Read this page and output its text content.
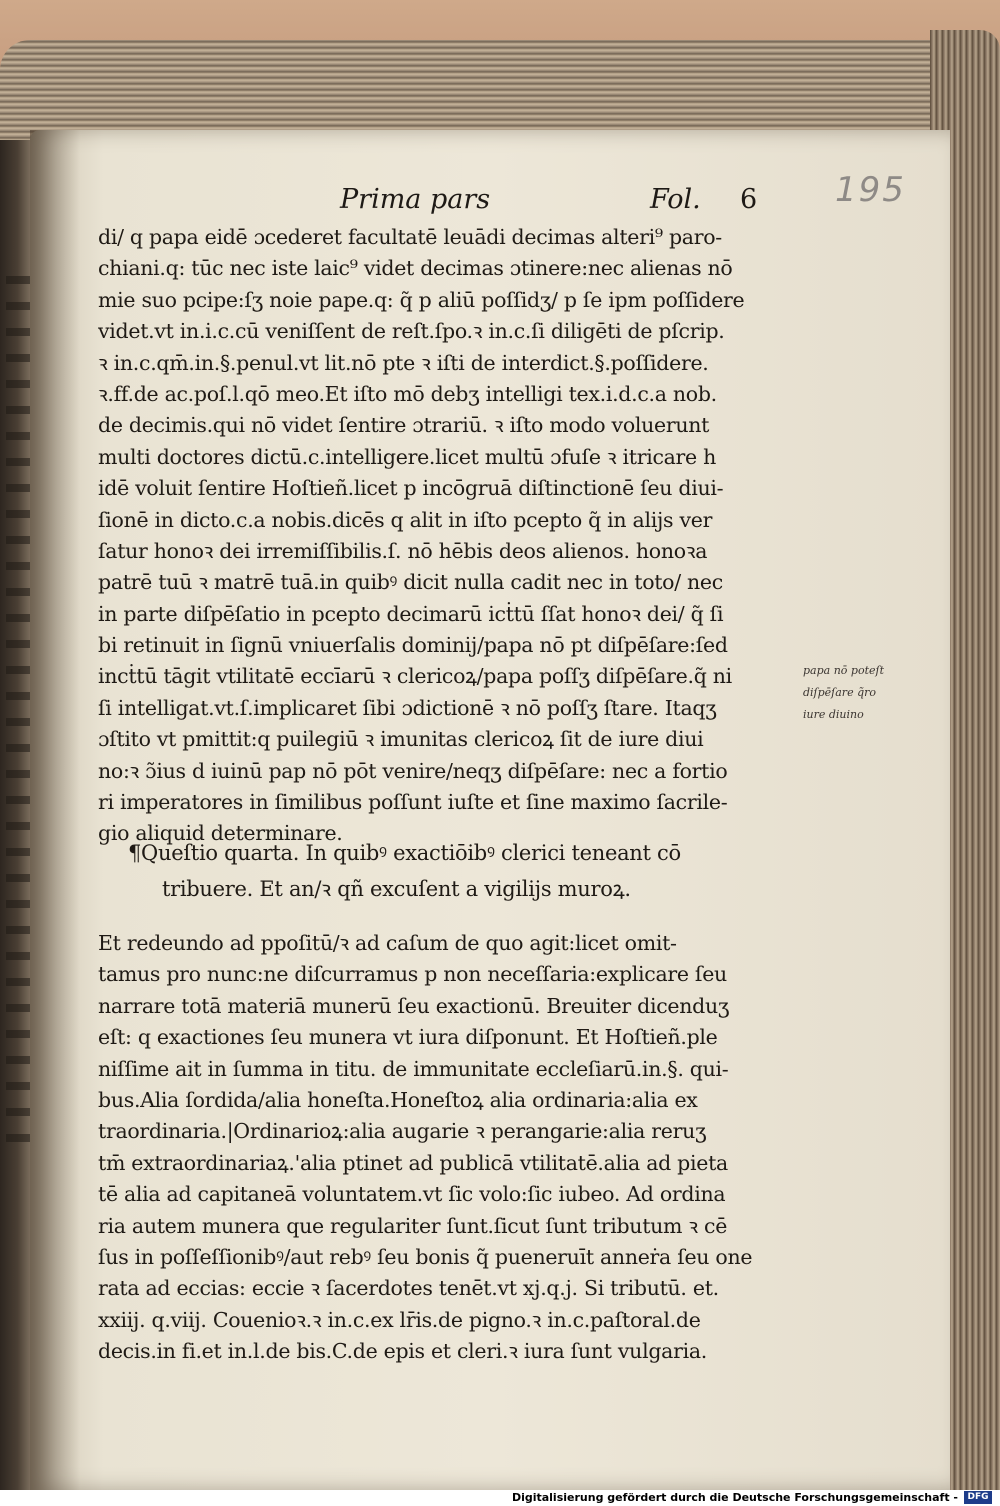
195
Prima pars	Fol. 6
di/ q papa eidē ɔcederet facultatē leuādi decimas alteri⁹ paro-
chiani.q: tūc nec iste laic⁹ videt decimas ɔtinere:nec alienas nō
mie suo pcipe:ſʒ noie pape.q: q̃ p aliū poſſidʒ/ p ſe ipm poſſidere
videt.vt in.i.c.cū veniſſent de reſt.ſpo.ꝛ in.c.ſi diligēti de pſcrip.
ꝛ in.c.qm̄.in.§.penul.vt lit.nō pte ꝛ iſti de interdict.§.poſſidere.
ꝛ.ff.de ac.poſ.l.qō meo.Et iſto mō debʒ intelligi tex.i.d.c.a nob.
de decimis.qui nō videt ſentire ɔtrariū. ꝛ iſto modo voluerunt
multi doctores dictū.c.intelligere.licet multū ɔfuſe ꝛ itricare h
idē voluit ſentire Hoſtieñ.licet p incōgruā diſtinctionē ſeu diui-
ſionē in dicto.c.a nobis.dicēs q alit in iſto pcepto q̃ in alijs ver
ſatur honoꝛ dei irremiſſibilis.ſ. nō hēbis deos alienos. honoꝛa
patrē tuū ꝛ matrē tuā.in quibꝰ dicit nulla cadit nec in toto/ nec
in parte diſpēſatio in pcepto decimarū icṫtū ſſat honoꝛ dei/ q̃ ſi
bi retinuit in ſignū vniuerſalis dominij/papa nō pt diſpēſare:ſed
incṫtū tāgit vtilitatē eccīarū ꝛ clericoꝝ/papa poſſʒ diſpēſare.q̃ ni
ſi intelligat.vt.ſ.implicaret ſibi ɔdictionē ꝛ nō poſſʒ ſtare. Itaqʒ
ɔſtito vt pmittit:q puilegiū ꝛ imunitas clericoꝝ ſit de iure diui
no:ꝛ ɔ̃ius d iuinū pap nō pōt venire/neqʒ diſpēſare: nec a fortio
ri imperatores in ſimilibus poſſunt iuſte et ſine maximo ſacrile-
gio aliquid determinare.
papa nō poteſt
diſpēſare q̃ro
iure diuino
¶Queſtio quarta. In quibꝰ exactiōibꝰ clerici teneant cō
tribuere. Et an/ꝛ qñ excuſent a vigilijs muroꝝ.
Et redeundo ad ppoſitū/ꝛ ad caſum de quo agit:licet omit-
tamus pro nunc:ne diſcurramus p non neceſſaria:explicare ſeu
narrare totā materiā munerū ſeu exactionū. Breuiter dicenduʒ
eſt: q exactiones ſeu munera vt iura diſponunt. Et Hoſtieñ.ple
niſſime ait in ſumma in titu. de immunitate eccleſiarū.in.§. qui-
bus.Alia ſordida/alia honeſta.Honeſtoꝝ alia ordinaria:alia ex
traordinaria.|Ordinarioꝝ:alia augarie ꝛ perangarie:alia reruʒ
tm̄ extraordinariaꝝ.'alia ptinet ad publicā vtilitatē.alia ad pieta
tē alia ad capitaneā voluntatem.vt ſic volo:ſic iubeo. Ad ordina
ria autem munera que regulariter ſunt.ſicut ſunt tributum ꝛ cē
ſus in poſſeſſionibꝰ/aut rebꝰ ſeu bonis q̃ pueneruīt anneṙa ſeu one
rata ad eccias: eccie ꝛ ſacerdotes tenēt.vt xj.q.j. Si tributū. et.
xxiij. q.viij. Couenioꝛ.ꝛ in.c.ex lr̄is.de pigno.ꝛ in.c.paſtoral.de
decis.in fi.et in.l.de bis.C.de epis et cleri.ꝛ iura ſunt vulgaria.
Digitalisierung gefördert durch die Deutsche Forschungsgemeinschaft -	DFG
